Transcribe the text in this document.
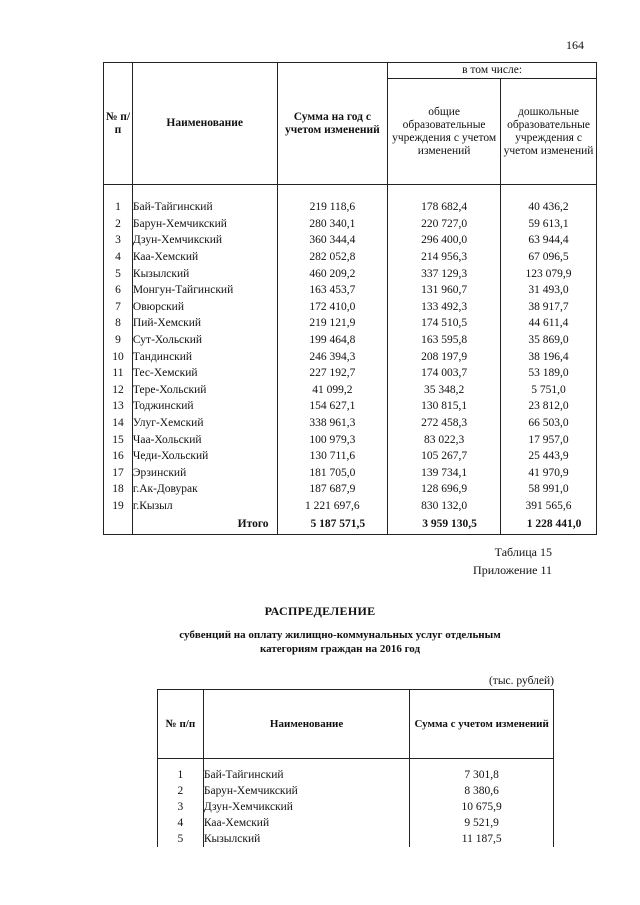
164
№ п/п	Наименование	Сумма на год с учетом изменений	в том числе:	
			общие образовательные учреждения с учетом изменений	дошкольные образовательные учреждения с учетом изменений

1	Бай-Тайгинский	219 118,6	178 682,4	40 436,2
2	Барун-Хемчикский	280 340,1	220 727,0	59 613,1
3	Дзун-Хемчикский	360 344,4	296 400,0	63 944,4
4	Каа-Хемский	282 052,8	214 956,3	67 096,5
5	Кызылский	460 209,2	337 129,3	123 079,9
6	Монгун-Тайгинский	163 453,7	131 960,7	31 493,0
7	Овюрский	172 410,0	133 492,3	38 917,7
8	Пий-Хемский	219 121,9	174 510,5	44 611,4
9	Сут-Хольский	199 464,8	163 595,8	35 869,0
10	Тандинский	246 394,3	208 197,9	38 196,4
11	Тес-Хемский	227 192,7	174 003,7	53 189,0
12	Тере-Хольский	41 099,2	35 348,2	5 751,0
13	Тоджинский	154 627,1	130 815,1	23 812,0
14	Улуг-Хемский	338 961,3	272 458,3	66 503,0
15	Чаа-Хольский	100 979,3	83 022,3	17 957,0
16	Чеди-Хольский	130 711,6	105 267,7	25 443,9
17	Эрзинский	181 705,0	139 734,1	41 970,9
18	г.Ак-Довурак	187 687,9	128 696,9	58 991,0
19	г.Кызыл	1 221 697,6	830 132,0	391 565,6
	Итого	5 187 571,5	3 959 130,5	1 228 441,0
Таблица 15
Приложение 11
РАСПРЕДЕЛЕНИЕ
субвенций на оплату жилищно-коммунальных услуг отдельным
категориям граждан на 2016 год
(тыс. рублей)
№ п/п	Наименование	Сумма с учетом изменений

1	Бай-Тайгинский	7 301,8
2	Барун-Хемчикский	8 380,6
3	Дзун-Хемчикский	10 675,9
4	Каа-Хемский	9 521,9
5	Кызылский	11 187,5
